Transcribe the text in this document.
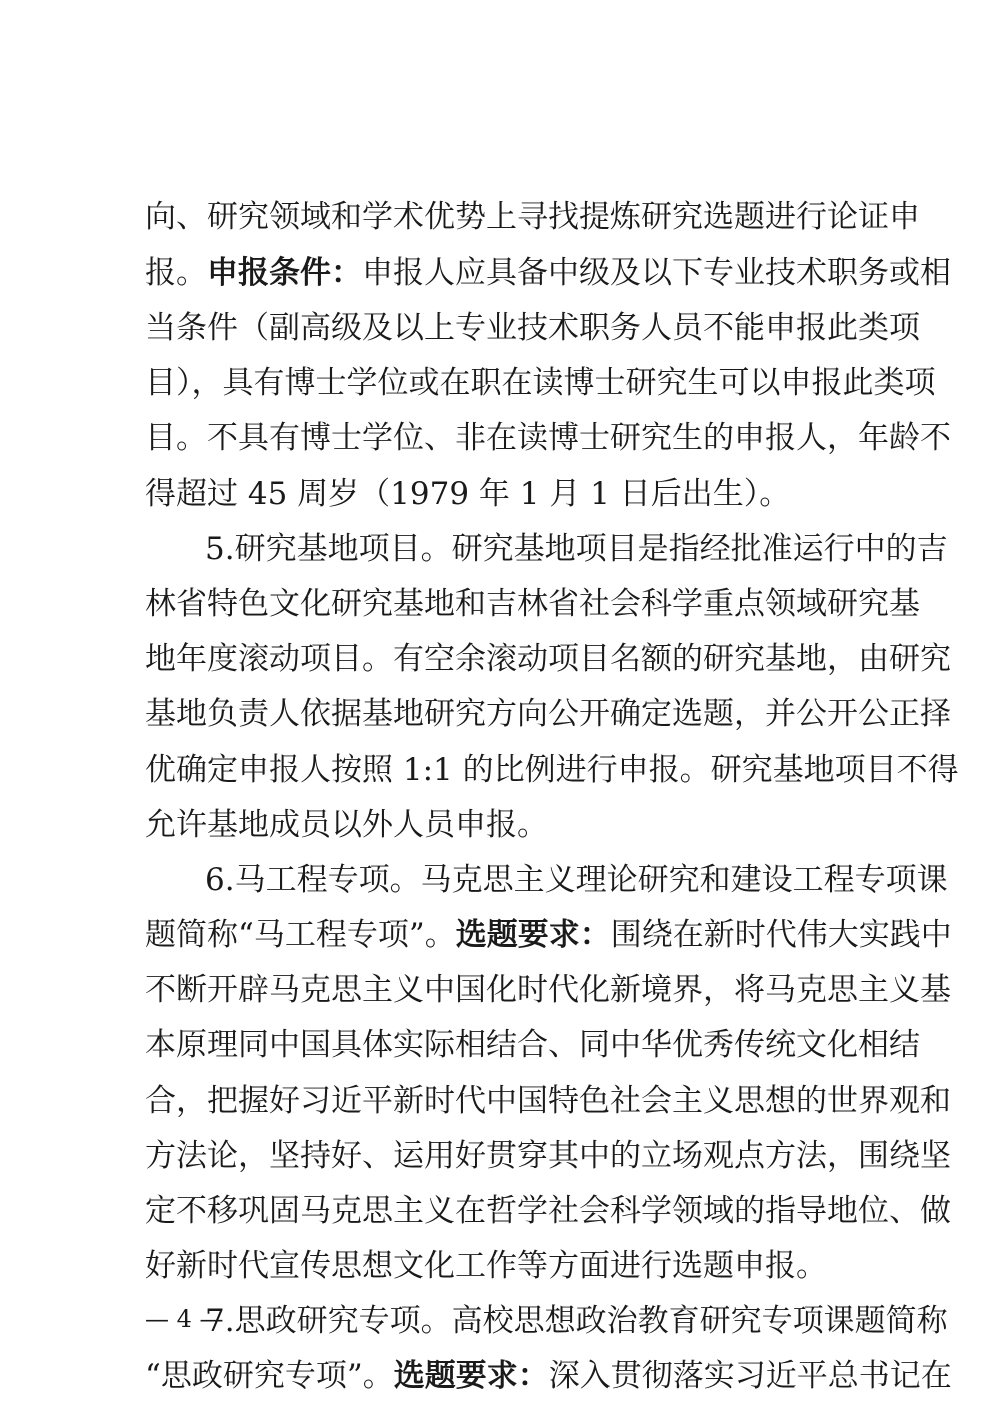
向、研究领域和学术优势上寻找提炼研究选题进行论证申
报。申报条件：申报人应具备中级及以下专业技术职务或相
当条件（副高级及以上专业技术职务人员不能申报此类项
目），具有博士学位或在职在读博士研究生可以申报此类项
目。不具有博士学位、非在读博士研究生的申报人，年龄不
得超过 45 周岁（1979 年 1 月 1 日后出生）。
5.研究基地项目。研究基地项目是指经批准运行中的吉
林省特色文化研究基地和吉林省社会科学重点领域研究基
地年度滚动项目。有空余滚动项目名额的研究基地，由研究
基地负责人依据基地研究方向公开确定选题，并公开公正择
优确定申报人按照 1:1 的比例进行申报。研究基地项目不得
允许基地成员以外人员申报。
6.马工程专项。马克思主义理论研究和建设工程专项课
题简称“马工程专项”。选题要求：围绕在新时代伟大实践中
不断开辟马克思主义中国化时代化新境界，将马克思主义基
本原理同中国具体实际相结合、同中华优秀传统文化相结
合，把握好习近平新时代中国特色社会主义思想的世界观和
方法论，坚持好、运用好贯穿其中的立场观点方法，围绕坚
定不移巩固马克思主义在哲学社会科学领域的指导地位、做
好新时代宣传思想文化工作等方面进行选题申报。
7.思政研究专项。高校思想政治教育研究专项课题简称
“思政研究专项”。选题要求：深入贯彻落实习近平总书记在
— 4 —
